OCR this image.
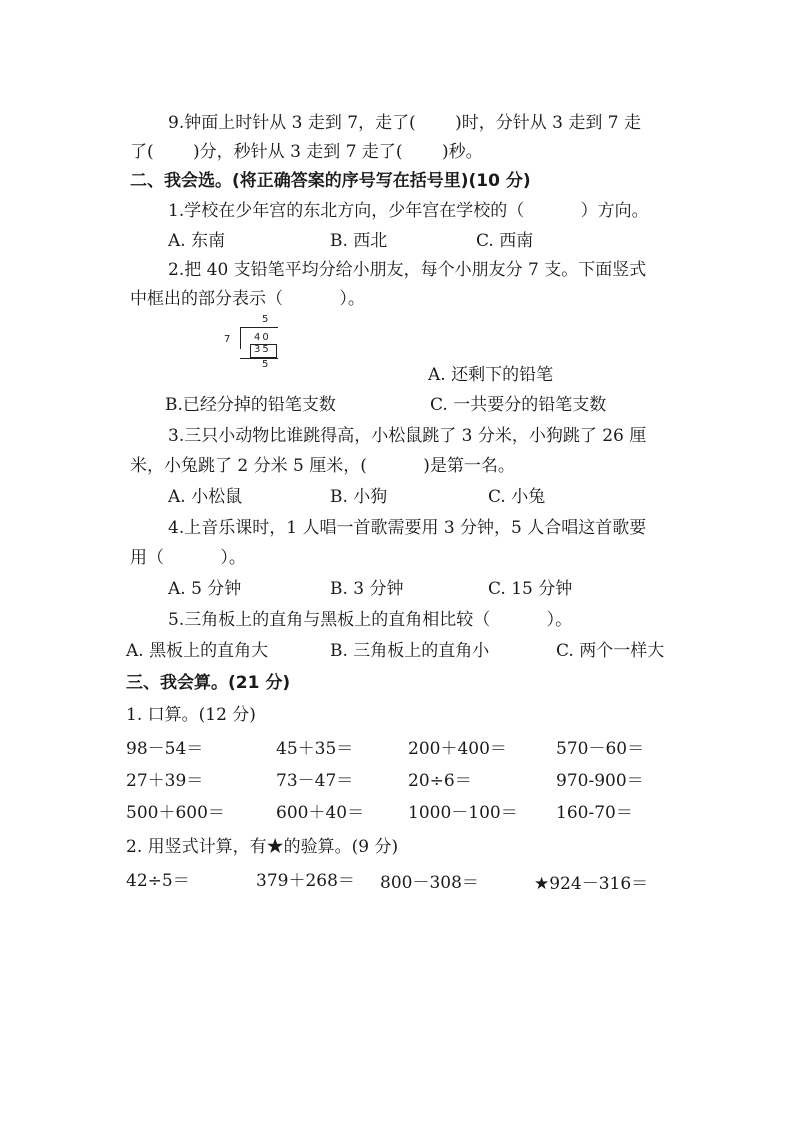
9.钟面上时针从 3 走到 7，走了(　　 )时，分针从 3 走到 7 走
了(　　 )分，秒针从 3 走到 7 走了(　　 )秒。
二、我会选。(将正确答案的序号写在括号里)(10 分)
1.学校在少年宫的东北方向，少年宫在学校的（　　　 ）方向。
A. 东南	B. 西北	C. 西南
2.把 40 支铅笔平均分给小朋友，每个小朋友分 7 支。下面竖式
中框出的部分表示（　　　 ）。
5
7 40
35
5
A. 还剩下的铅笔
B.已经分掉的铅笔支数	C. 一共要分的铅笔支数
3.三只小动物比谁跳得高，小松鼠跳了 3 分米，小狗跳了 26 厘
米，小兔跳了 2 分米 5 厘米，(　　　 )是第一名。
A. 小松鼠	B. 小狗	C. 小兔
4.上音乐课时，1 人唱一首歌需要用 3 分钟，5 人合唱这首歌要
用（　　　 ）。
A. 5 分钟	B. 3 分钟	C. 15 分钟
5.三角板上的直角与黑板上的直角相比较（　　　 ）。
A. 黑板上的直角大	B. 三角板上的直角小	C. 两个一样大
三、我会算。(21 分)
1. 口算。(12 分)
98－54＝	45＋35＝	200＋400＝	570－60＝
27＋39＝	73－47＝	20÷6＝	970-900＝
500＋600＝	600＋40＝	1000－100＝ 160-70＝
2. 用竖式计算，有★的验算。(9 分)
42÷5＝	379＋268＝ 800－308＝	★924－316＝
